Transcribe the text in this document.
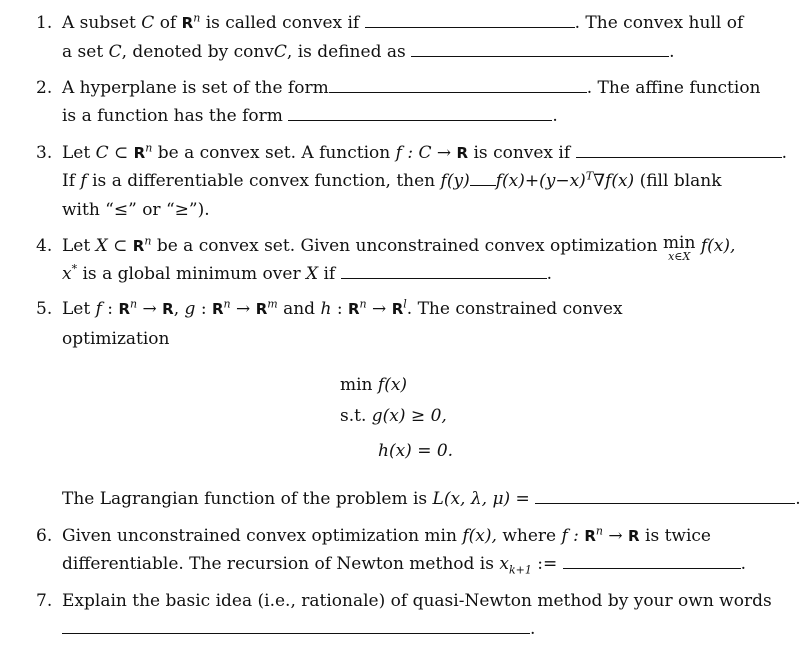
1. A subset C of $R^n$ is called convex if	. The convex hull of
a set C, denoted by convC, is defined as	.
2. A hyperplane is set of the form	. The affine function
is a function has the form	.
3. Let C ⊂ $R^n$ be a convex set. A function f : C → R is convex if	.
If f is a differentiable convex function, then f(y) $f(x)+(y-x)^T\nabla f(x)$ (fill blank
with “≤” or “≥”).
4. Let X ⊂ $R^n$ be a convex set. Given unconstrained convex optimization min
x∈X
f(x),
x* is a global minimum over X if	.
5. Let f : $R^n \to R$, g : $R^n \to R^m$ and h : $R^n \to R^l$. The constrained convex
optimization
min f(x)
s.t. g(x) ≥ 0,
h(x) = 0.
The Lagrangian function of the problem is L(x, λ, μ) =	.
6. Given unconstrained convex optimization min f(x), where f : $R^n \to R$ is twice
differentiable. The recursion of Newton method is $x_{k+1}$ :=	.
7. Explain the basic idea (i.e., rationale) of quasi-Newton method by your own words
.
